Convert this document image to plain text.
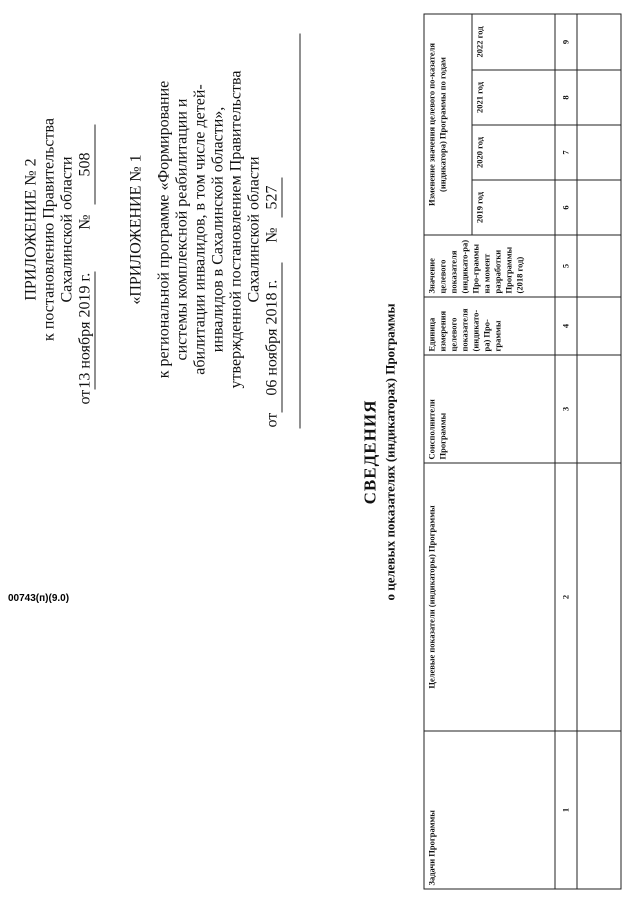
ПРИЛОЖЕНИЕ № 2 к постановлению Правительства Сахалинской области
от13 ноября 2019 г.№508 «ПРИЛОЖЕНИЕ № 1 к региональной программе «Формирование системы комплексной реабилитации и абилитации инвалидов, в том числе детей- инвалидов в Сахалинской области», утвержденной постановлением Правительства Сахалинской области
от06 ноября 2018 г.№527
СВЕДЕНИЯ о целевых показателях (индикаторах) Программы
Задачи Программы	Целевые показатели (индикаторы) Программы	Соисполнители Программы	Единица измерения целевого показателя (индикато-ра) Про-граммы	Значение целевого показателя (индикато-ра) Про-граммы на момент разработки Программы (2018 год)	Изменение значения целевого по-казателя (индикатора) Программы по годам			
					2019 год	2020 год	2021 год	2022 год
1	2	3	4	5	6	7	8	9

00743(п)(9.0)
